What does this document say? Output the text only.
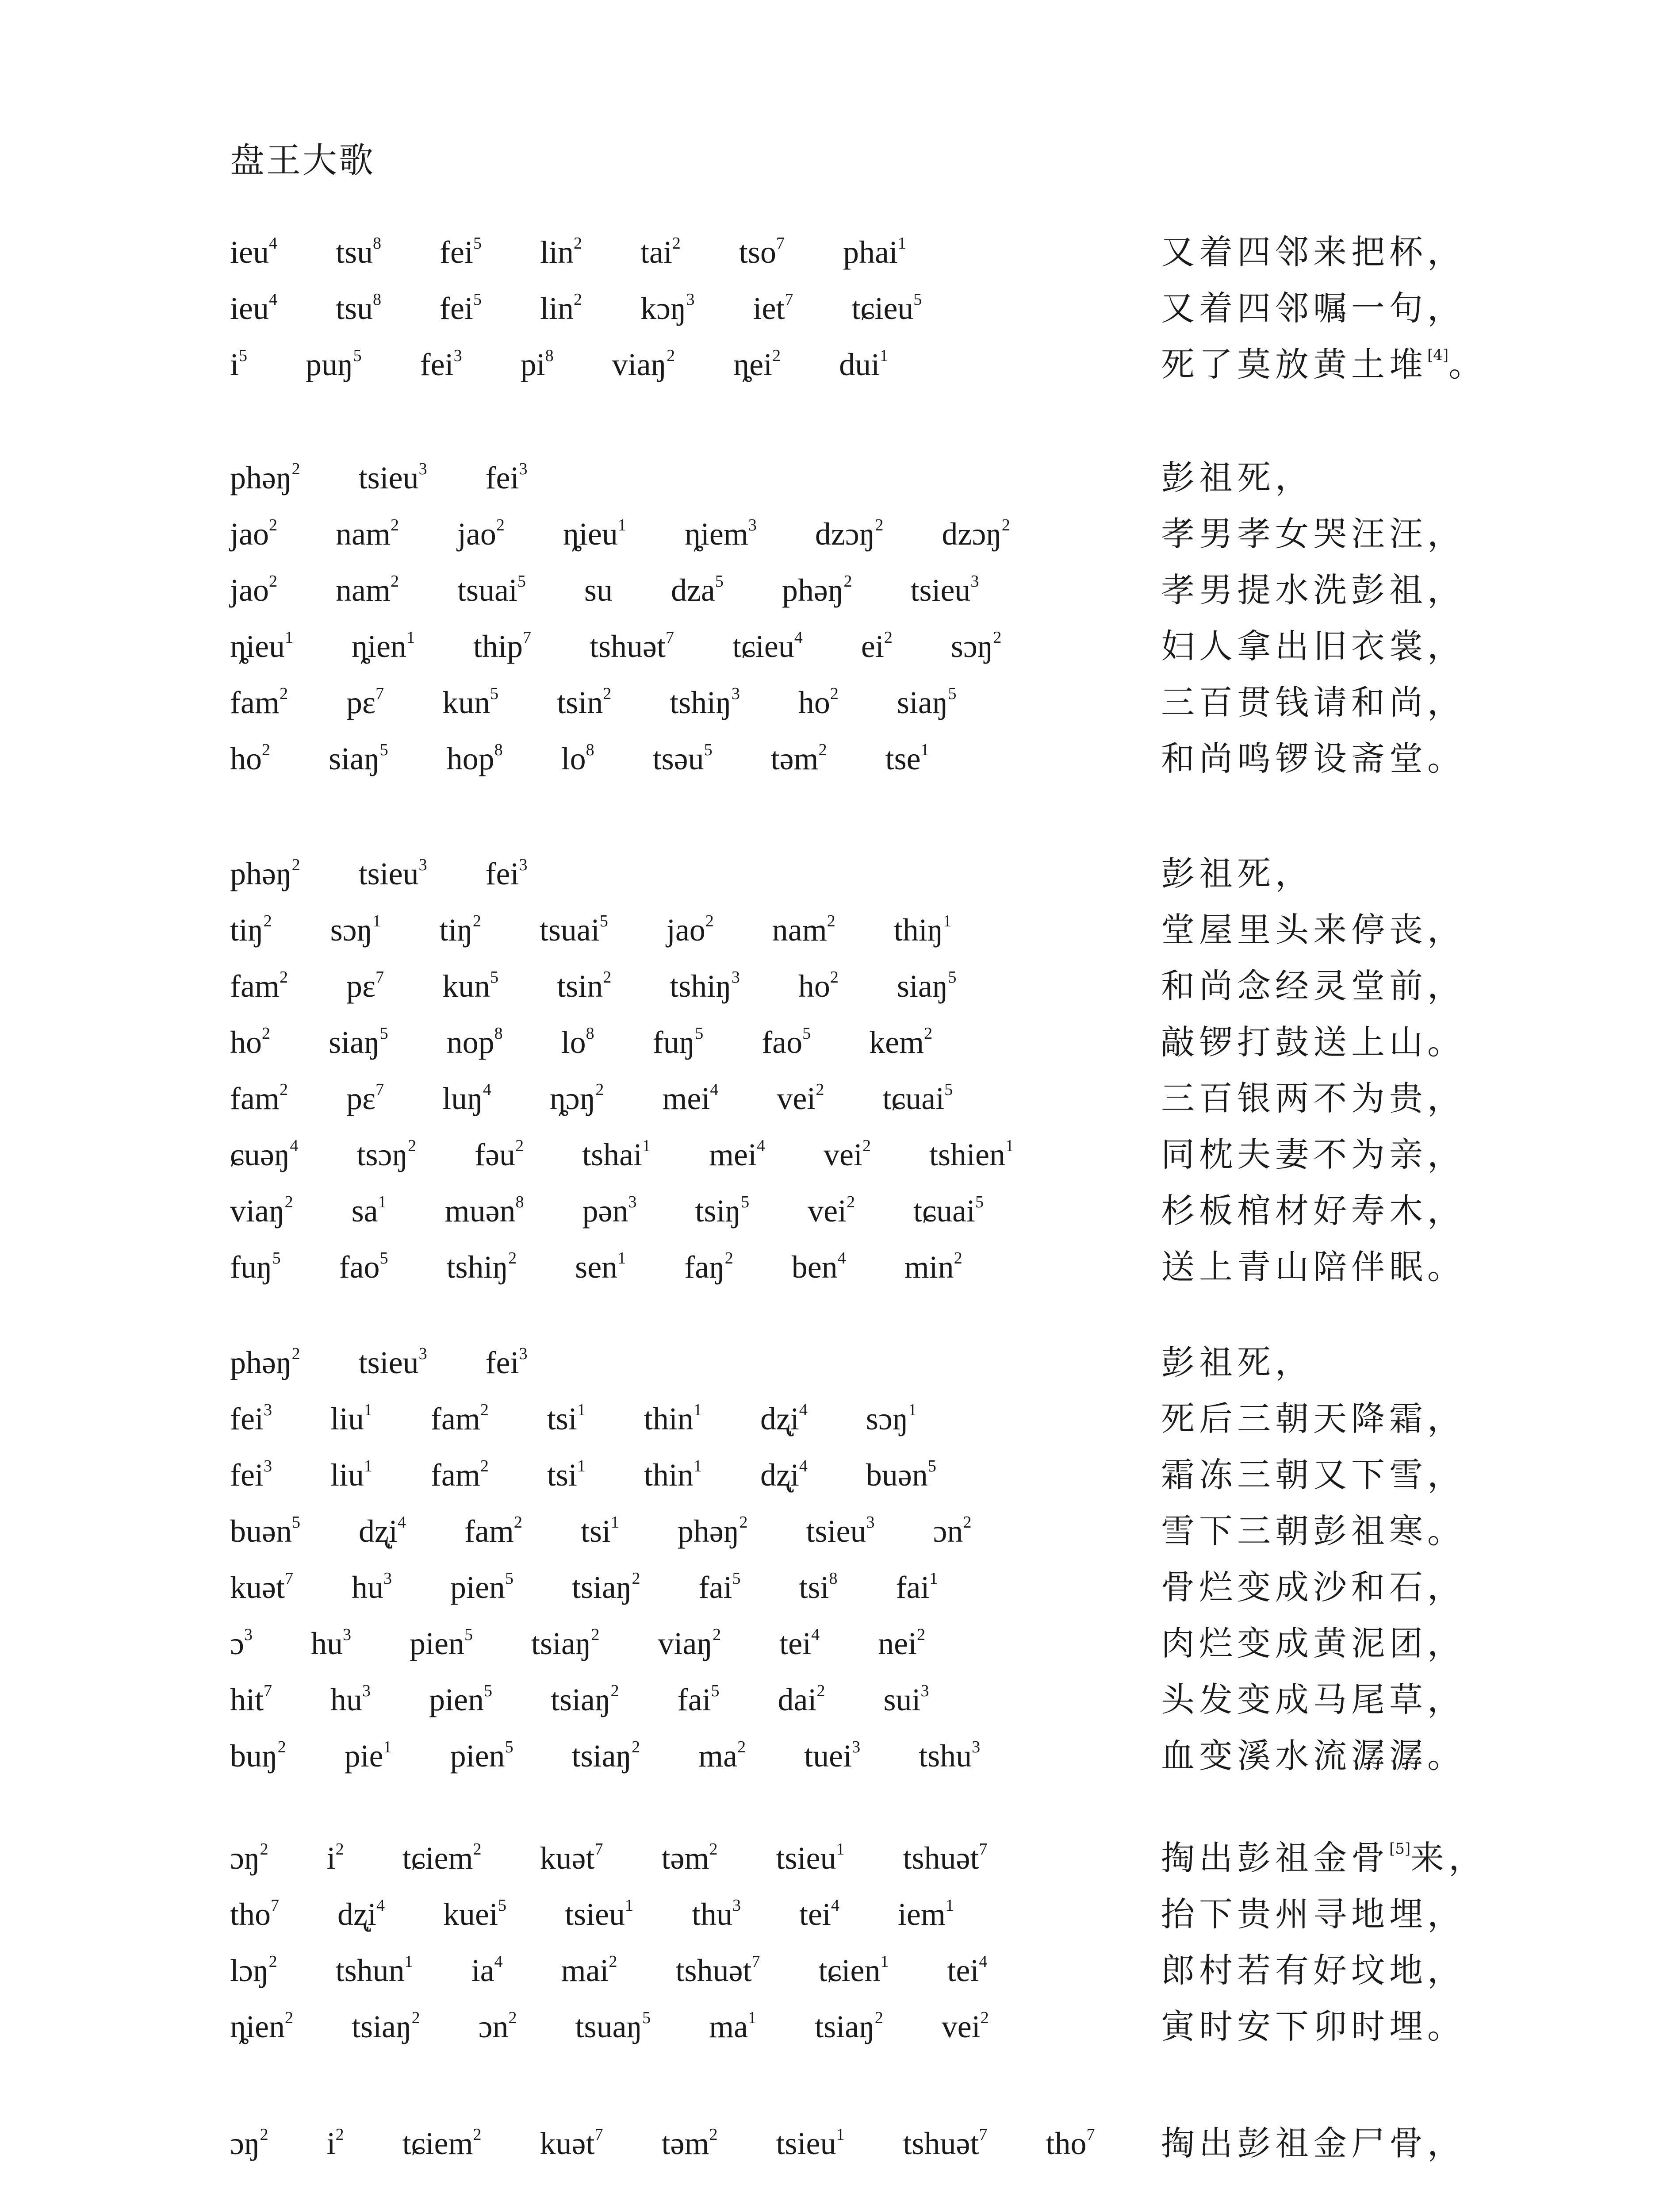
盘王大歌
ieu$^4$   tsu$^8$   fei$^5$   lin$^2$   tai$^2$   tso$^7$   phai$^1$	又着四邻来把杯，
ieu$^4$   tsu$^8$   fei$^5$   lin$^2$   kɔŋ$^3$   iet$^7$   tɕieu$^5$	又着四邻嘱一句，
$i^5$   puŋ$^5$   fei$^3$   $pi^8$   viaŋ$^2$   ȵei$^2$   dui$^1$	死了莫放黄土堆[4]。
phəŋ$^2$   tsieu$^3$   fei$^3$	彭祖死，
jao$^2$   nam$^2$   jao$^2$   ȵieu$^1$   ȵiem$^3$   dzɔŋ$^2$   dzɔŋ$^2$	孝男孝女哭汪汪，
jao$^2$   nam$^2$   tsuai$^5$   su   dza$^5$   phəŋ$^2$   tsieu$^3$	孝男提水洗彭祖，
ȵieu$^1$   ȵien$^1$   thip$^7$   tshuət$^7$   tɕieu$^4$   $ei^2$   sɔŋ$^2$	妇人拿出旧衣裳，
fam$^2$   pɛ$^7$   kun$^5$   tsin$^2$   tshiŋ$^3$   $ho^2$   siaŋ$^5$	三百贯钱请和尚，
$ho^2$   siaŋ$^5$   hop$^8$   $lo^8$   tsəu$^5$   təm$^2$   tse$^1$	和尚鸣锣设斋堂。
phəŋ$^2$   tsieu$^3$   fei$^3$	彭祖死，
tiŋ$^2$   sɔŋ$^1$   tiŋ$^2$   tsuai$^5$   jao$^2$   nam$^2$   thiŋ$^1$	堂屋里头来停丧，
fam$^2$   pɛ$^7$   kun$^5$   tsin$^2$   tshiŋ$^3$   $ho^2$   siaŋ$^5$	和尚念经灵堂前，
$ho^2$   siaŋ$^5$   nop$^8$   $lo^8$   fuŋ$^5$   fao$^5$   kem$^2$	敲锣打鼓送上山。
fam$^2$   pɛ$^7$   luŋ$^4$   ȵɔŋ$^2$   mei$^4$   vei$^2$   tɕuai$^5$	三百银两不为贵，
ɕuəŋ$^4$   tsɔŋ$^2$   fəu$^2$   tshai$^1$   mei$^4$   vei$^2$   tshien$^1$	同枕夫妻不为亲，
viaŋ$^2$   $sa^1$   muən$^8$   pən$^3$   tsiŋ$^5$   vei$^2$   tɕuai$^5$	杉板棺材好寿木，
fuŋ$^5$   fao$^5$   tshiŋ$^2$   sen$^1$   faŋ$^2$   ben$^4$   $\min^2$	送上青山陪伴眠。
phəŋ$^2$   tsieu$^3$   fei$^3$	彭祖死，
fei$^3$   liu$^1$   fam$^2$   tsi$^1$   thin$^1$   $dʐ̩i^4$   sɔŋ$^1$	死后三朝天降霜，
fei$^3$   liu$^1$   fam$^2$   tsi$^1$   thin$^1$   $dʐ̩i^4$   buən$^5$	霜冻三朝又下雪，
buən$^5$   $dʐ̩i^4$   fam$^2$   tsi$^1$   phəŋ$^2$   tsieu$^3$   ɔn$^2$	雪下三朝彭祖寒。
kuət$^7$   $hu^3$   pien$^5$   tsiaŋ$^2$   fai$^5$   tsi$^8$   fai$^1$	骨烂变成沙和石，
ɔ$^3$   $hu^3$   pien$^5$   tsiaŋ$^2$   viaŋ$^2$   tei$^4$   nei$^2$	肉烂变成黄泥团，
hit$^7$   $hu^3$   pien$^5$   tsiaŋ$^2$   fai$^5$   dai$^2$   sui$^3$	头发变成马尾草，
buŋ$^2$   pie$^1$   pien$^5$   tsiaŋ$^2$   $ma^2$   tuei$^3$   tshu$^3$	血变溪水流潺潺。
ɔŋ$^2$   $i^2$   tɕiem$^2$   kuət$^7$   təm$^2$   tsieu$^1$   tshuət$^7$	掏出彭祖金骨[5]来，
tho$^7$   $dʐ̩i^4$   kuei$^5$   tsieu$^1$   thu$^3$   tei$^4$   iem$^1$	抬下贵州寻地埋，
lɔŋ$^2$   tshun$^1$   $ia^4$   mai$^2$   tshuət$^7$   tɕien$^1$   tei$^4$	郎村若有好坟地，
ȵien$^2$   tsiaŋ$^2$   ɔn$^2$   tsuaŋ$^5$   $ma^1$   tsiaŋ$^2$   vei$^2$	寅时安下卯时埋。
ɔŋ$^2$   $i^2$   tɕiem$^2$   kuət$^7$   təm$^2$   tsieu$^1$   tshuət$^7$   tho$^7$ 掏出彭祖金尸骨，
